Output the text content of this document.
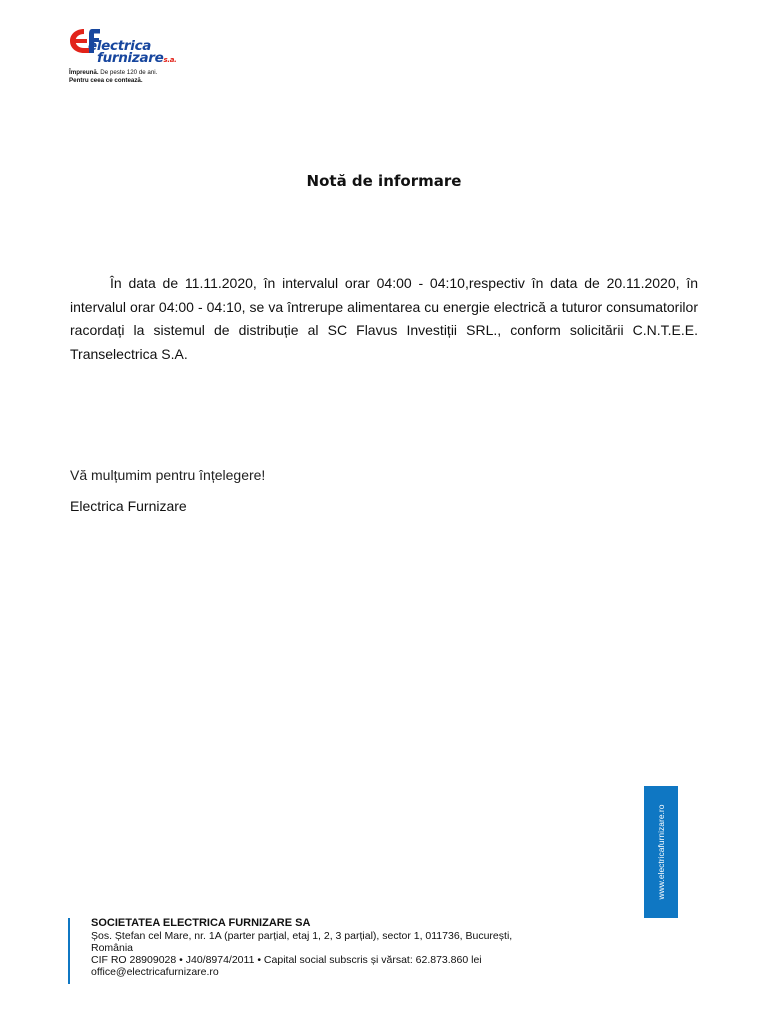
electrica
furnizares.a.
Împreună. De peste 120 de ani.
Pentru ceea ce contează.
Notă de informare
În data de 11.11.2020, în intervalul orar 04:00 - 04:10,respectiv în data de 20.11.2020, în intervalul orar 04:00 - 04:10, se va întrerupe alimentarea cu energie electrică a tuturor consumatorilor racordați la sistemul de distribuție al SC Flavus Investiții SRL., conform solicitării C.N.T.E.E. Transelectrica S.A.
Vă mulțumim pentru înțelegere!
Electrica Furnizare
www.electricafurnizare.ro
SOCIETATEA ELECTRICA FURNIZARE SA
Șos. Ștefan cel Mare, nr. 1A (parter parțial, etaj 1, 2, 3 parțial), sector 1, 011736, București,
România
CIF RO 28909028 • J40/8974/2011 • Capital social subscris și vărsat: 62.873.860 lei
office@electricafurnizare.ro
